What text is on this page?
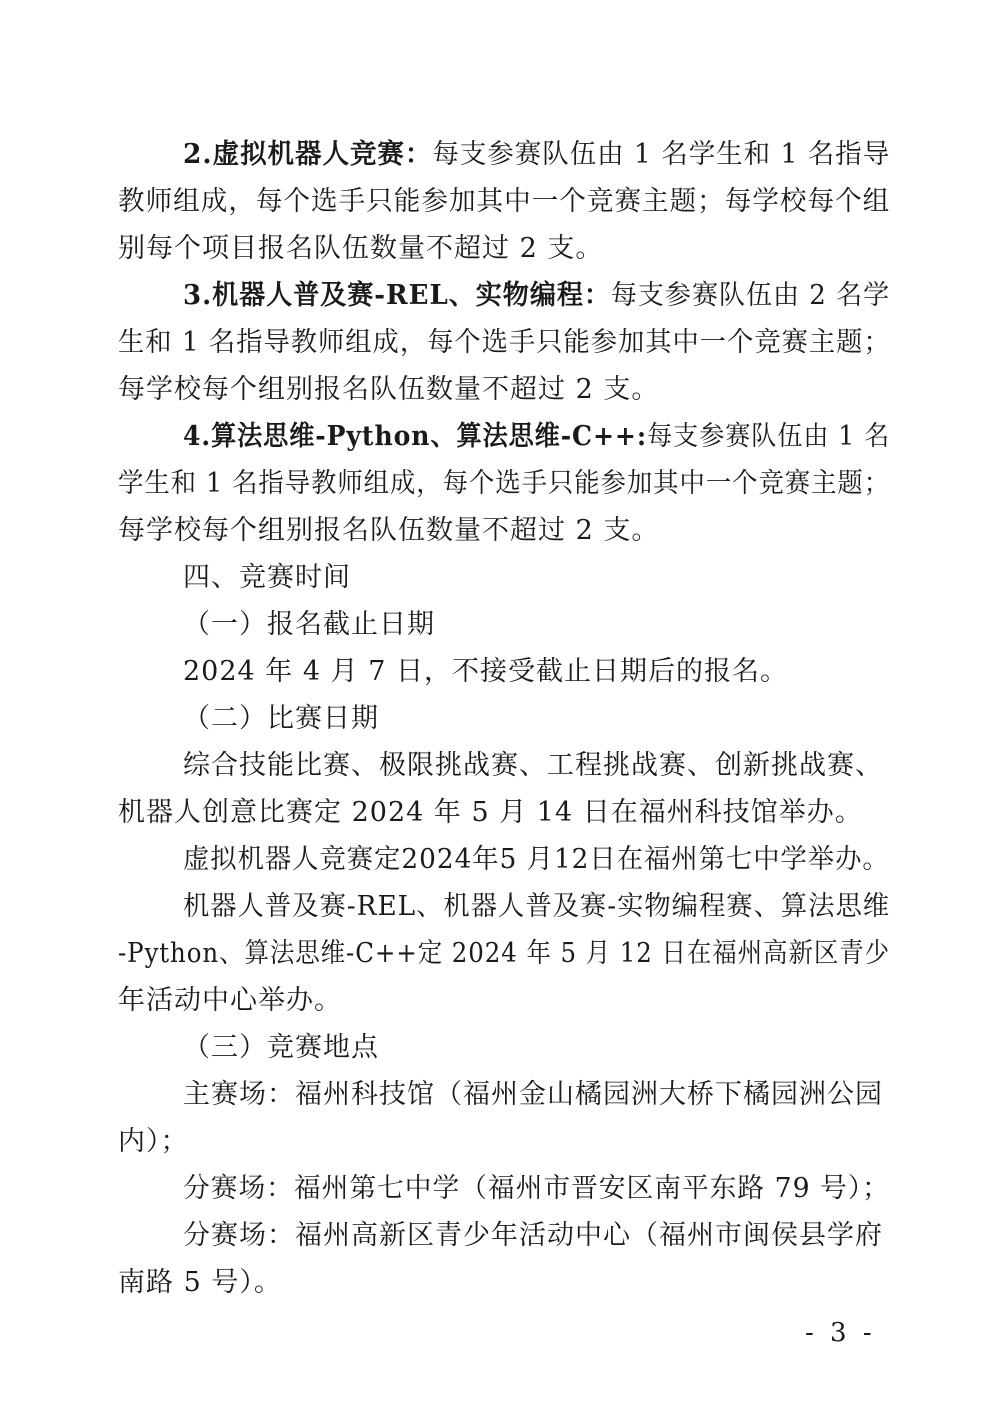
2.虚拟机器人竞赛：每支参赛队伍由 1 名学生和 1 名指导
教师组成，每个选手只能参加其中一个竞赛主题；每学校每个组
别每个项目报名队伍数量不超过 2 支。
3.机器人普及赛-REL、实物编程：每支参赛队伍由 2 名学
生和 1 名指导教师组成，每个选手只能参加其中一个竞赛主题；
每学校每个组别报名队伍数量不超过 2 支。
4.算法思维-Python、算法思维-C++:每支参赛队伍由 1 名
学生和 1 名指导教师组成，每个选手只能参加其中一个竞赛主题；
每学校每个组别报名队伍数量不超过 2 支。
四、竞赛时间
（一）报名截止日期
2024 年 4 月 7 日，不接受截止日期后的报名。
（二）比赛日期
综合技能比赛、极限挑战赛、工程挑战赛、创新挑战赛、
机器人创意比赛定 2024 年 5 月 14 日在福州科技馆举办。
虚拟机器人竞赛定2024年5 月12日在福州第七中学举办。
机器人普及赛-REL、机器人普及赛-实物编程赛、算法思维
-Python、算法思维-C++定 2024 年 5 月 12 日在福州高新区青少
年活动中心举办。
（三）竞赛地点
主赛场：福州科技馆（福州金山橘园洲大桥下橘园洲公园
内）；
分赛场：福州第七中学（福州市晋安区南平东路 79 号）；
分赛场：福州高新区青少年活动中心（福州市闽侯县学府
南路 5 号）。
- 3 -
